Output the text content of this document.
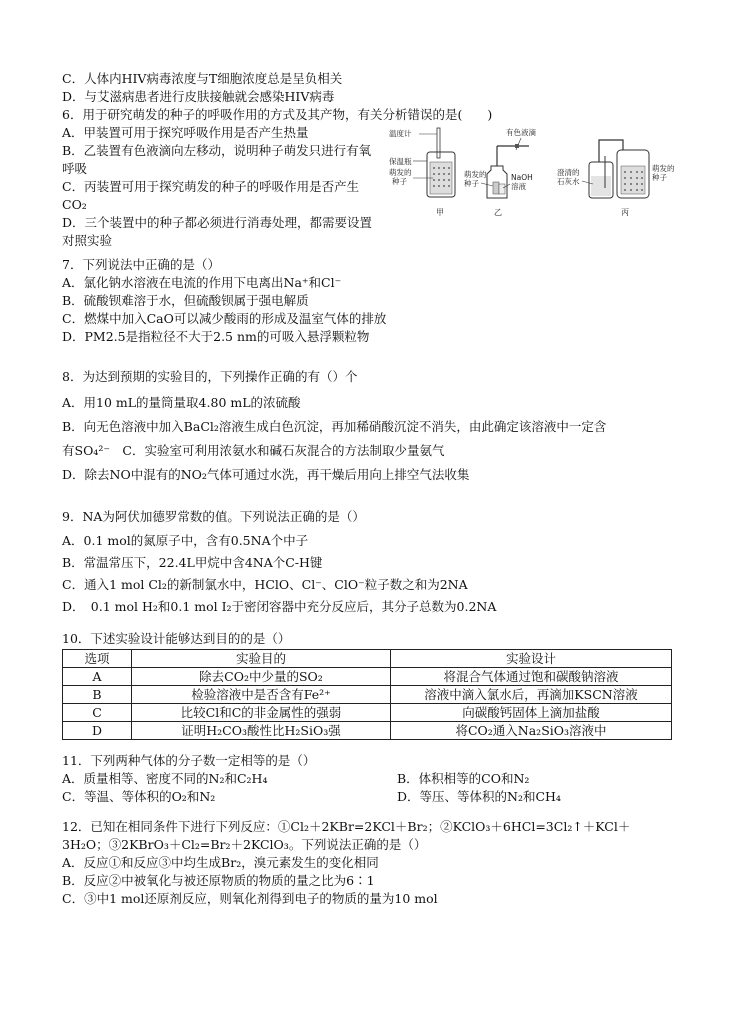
C．人体内HIV病毒浓度与T细胞浓度总是呈负相关
D．与艾滋病患者进行皮肤接触就会感染HIV病毒
6．用于研究萌发的种子的呼吸作用的方式及其产物，有关分析错误的是(　　)
A．甲装置可用于探究呼吸作用是否产生热量
B．乙装置有色液滴向左移动，说明种子萌发只进行有氧呼吸
C．丙装置可用于探究萌发的种子的呼吸作用是否产生CO₂
D．三个装置中的种子都必须进行消毒处理，都需要设置对照实验
温度计
保温瓶
萌发的
种子
甲
有色液滴
萌发的
种子
NaOH
溶液
乙
澄清的
石灰水
萌发的
种子
丙
7．下列说法中正确的是（）
A．氯化钠水溶液在电流的作用下电离出Na⁺和Cl⁻
B．硫酸钡难溶于水，但硫酸钡属于强电解质
C．燃煤中加入CaO可以减少酸雨的形成及温室气体的排放
D．PM2.5是指粒径不大于2.5 nm的可吸入悬浮颗粒物
8．为达到预期的实验目的，下列操作正确的有（）个
A．用10 mL的量筒量取4.80 mL的浓硫酸
B．向无色溶液中加入BaCl₂溶液生成白色沉淀，再加稀硝酸沉淀不消失，由此确定该溶液中一定含
有SO₄²⁻　C．实验室可利用浓氨水和碱石灰混合的方法制取少量氨气
D．除去NO中混有的NO₂气体可通过水洗，再干燥后用向上排空气法收集
9．NA为阿伏加德罗常数的值。下列说法正确的是（）
A．0.1 mol的氮原子中，含有0.5NA个中子
B．常温常压下，22.4L甲烷中含4NA个C-H键
C．通入1 mol Cl₂的新制氯水中，HClO、Cl⁻、ClO⁻粒子数之和为2NA
D．　0.1 mol H₂和0.1 mol I₂于密闭容器中充分反应后，其分子总数为0.2NA
10．下述实验设计能够达到目的的是（）
选项	实验目的	实验设计
A	除去CO₂中少量的SO₂	将混合气体通过饱和碳酸钠溶液
B	检验溶液中是否含有Fe²⁺	溶液中滴入氯水后，再滴加KSCN溶液
C	比较Cl和C的非金属性的强弱	向碳酸钙固体上滴加盐酸
D	证明H₂CO₃酸性比H₂SiO₃强	将CO₂通入Na₂SiO₃溶液中
11．下列两种气体的分子数一定相等的是（）
A．质量相等、密度不同的N₂和C₂H₄	B．体积相等的CO和N₂
C．等温、等体积的O₂和N₂	D．等压、等体积的N₂和CH₄
12．已知在相同条件下进行下列反应：①Cl₂＋2KBr=2KCl＋Br₂；②KClO₃＋6HCl=3Cl₂↑＋KCl＋
3H₂O；③2KBrO₃＋Cl₂=Br₂＋2KClO₃。下列说法正确的是（）
A．反应①和反应③中均生成Br₂，溴元素发生的变化相同
B．反应②中被氧化与被还原物质的物质的量之比为6∶1
C．③中1 mol还原剂反应，则氧化剂得到电子的物质的量为10 mol
